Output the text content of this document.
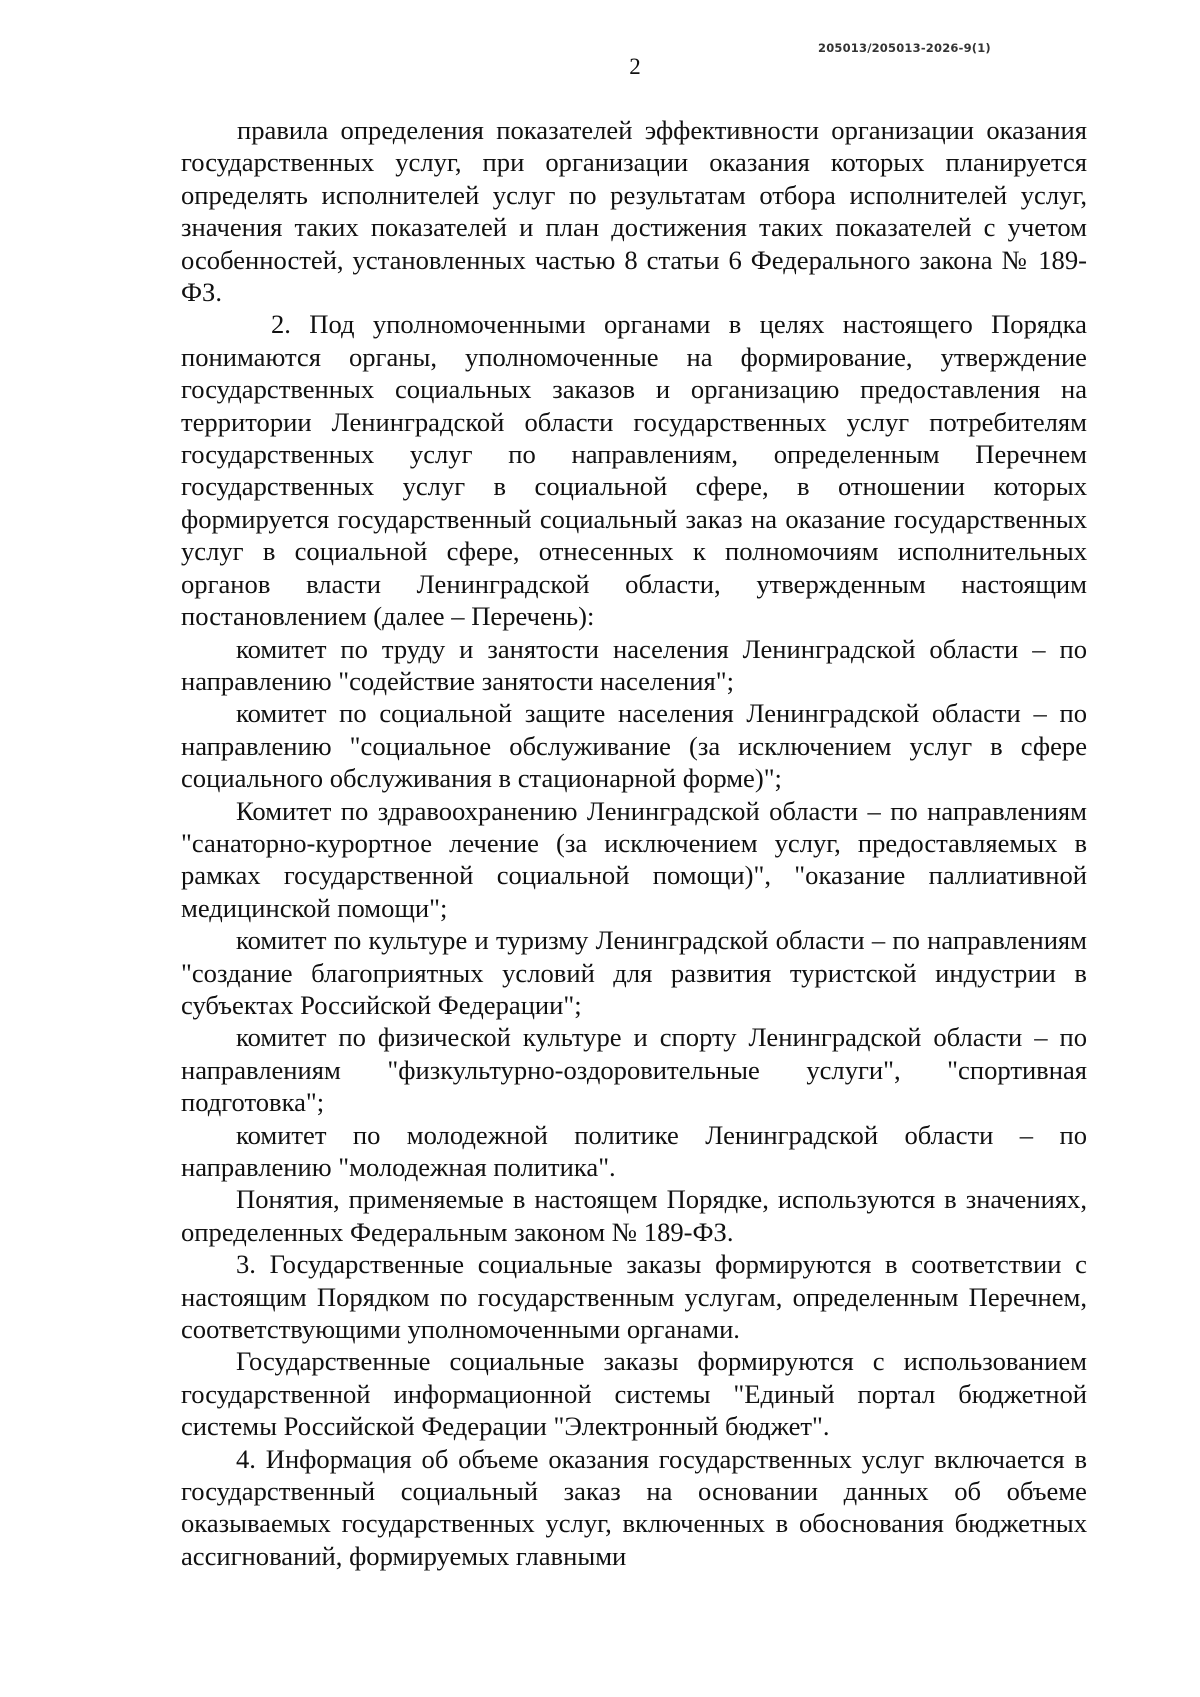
205013/205013-2026-9(1)
2

правила определения показателей эффективности организации оказания государственных услуг, при организации оказания которых планируется определять исполнителей услуг по результатам отбора исполнителей услуг, значения таких показателей и план достижения таких показателей с учетом особенностей, установленных частью 8 статьи 6 Федерального закона № 189-ФЗ.

2. Под уполномоченными органами в целях настоящего Порядка понимаются органы, уполномоченные на формирование, утверждение государственных социальных заказов и организацию предоставления на территории Ленинградской области государственных услуг потребителям государственных услуг по направлениям, определенным Перечнем государственных услуг в социальной сфере, в отношении которых формируется государственный социальный заказ на оказание государственных услуг в социальной сфере, отнесенных к полномочиям исполнительных органов власти Ленинградской области, утвержденным настоящим постановлением (далее – Перечень):

комитет по труду и занятости населения Ленинградской области – по направлению "содействие занятости населения";

комитет по социальной защите населения Ленинградской области – по направлению "социальное обслуживание (за исключением услуг в сфере социального обслуживания в стационарной форме)";

Комитет по здравоохранению Ленинградской области – по направлениям "санаторно-курортное лечение (за исключением услуг, предоставляемых в рамках государственной социальной помощи)", "оказание паллиативной медицинской помощи";

комитет по культуре и туризму Ленинградской области – по направлениям "создание благоприятных условий для развития туристской индустрии в субъектах Российской Федерации";

комитет по физической культуре и спорту Ленинградской области – по направлениям "физкультурно-оздоровительные услуги", "спортивная подготовка";

комитет по молодежной политике Ленинградской области – по направлению "молодежная политика".

Понятия, применяемые в настоящем Порядке, используются в значениях, определенных Федеральным законом № 189-ФЗ.

3. Государственные социальные заказы формируются в соответствии с настоящим Порядком по государственным услугам, определенным Перечнем, соответствующими уполномоченными органами.

Государственные социальные заказы формируются с использованием государственной информационной системы "Единый портал бюджетной системы Российской Федерации "Электронный бюджет".

4. Информация об объеме оказания государственных услуг включается в государственный социальный заказ на основании данных об объеме оказываемых государственных услуг, включенных в обоснования бюджетных ассигнований, формируемых главными
